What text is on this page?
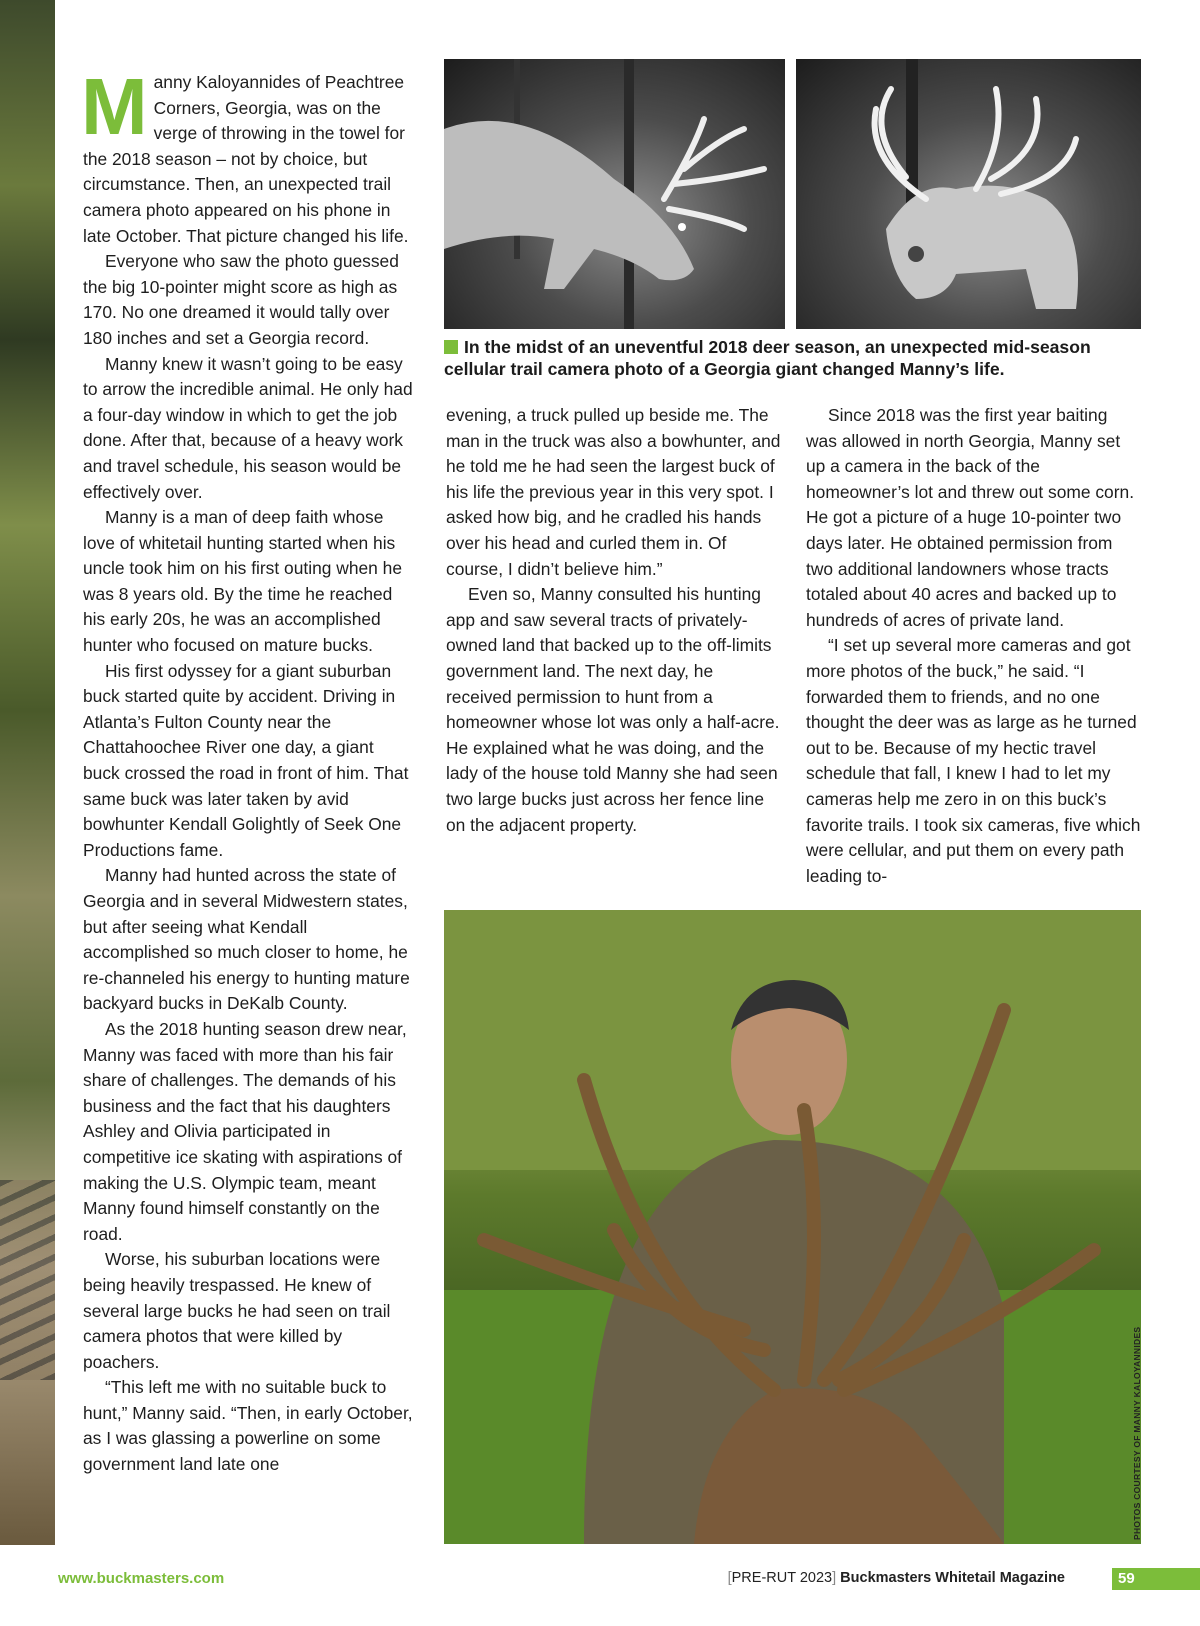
Manny Kaloyannides of Peachtree Corners, Georgia, was on the verge of throwing in the towel for the 2018 season – not by choice, but circumstance. Then, an unexpected trail camera photo appeared on his phone in late October. That picture changed his life.

Everyone who saw the photo guessed the big 10-pointer might score as high as 170. No one dreamed it would tally over 180 inches and set a Georgia record.

Manny knew it wasn’t going to be easy to arrow the incredible animal. He only had a four-day window in which to get the job done. After that, because of a heavy work and travel schedule, his season would be effectively over.

Manny is a man of deep faith whose love of whitetail hunting started when his uncle took him on his first outing when he was 8 years old. By the time he reached his early 20s, he was an accomplished hunter who focused on mature bucks.

His first odyssey for a giant suburban buck started quite by accident. Driving in Atlanta’s Fulton County near the Chattahoochee River one day, a giant buck crossed the road in front of him. That same buck was later taken by avid bowhunter Kendall Golightly of Seek One Productions fame.

Manny had hunted across the state of Georgia and in several Midwestern states, but after seeing what Kendall accomplished so much closer to home, he re-channeled his energy to hunting mature backyard bucks in DeKalb County.

As the 2018 hunting season drew near, Manny was faced with more than his fair share of challenges. The demands of his business and the fact that his daughters Ashley and Olivia participated in competitive ice skating with aspirations of making the U.S. Olympic team, meant Manny found himself constantly on the road.

Worse, his suburban locations were being heavily trespassed. He knew of several large bucks he had seen on trail camera photos that were killed by poachers.

“This left me with no suitable buck to hunt,” Manny said. “Then, in early October, as I was glassing a powerline on some government land late one

In the midst of an uneventful 2018 deer season, an unexpected mid-season cellular trail camera photo of a Georgia giant changed Manny’s life.

evening, a truck pulled up beside me. The man in the truck was also a bowhunter, and he told me he had seen the largest buck of his life the previous year in this very spot. I asked how big, and he cradled his hands over his head and curled them in. Of course, I didn’t believe him.”

Even so, Manny consulted his hunting app and saw several tracts of privately-owned land that backed up to the off-limits government land. The next day, he received permission to hunt from a homeowner whose lot was only a half-acre. He explained what he was doing, and the lady of the house told Manny she had seen two large bucks just across her fence line on the adjacent property.

Since 2018 was the first year baiting was allowed in north Georgia, Manny set up a camera in the back of the homeowner’s lot and threw out some corn. He got a picture of a huge 10-pointer two days later. He obtained permission from two additional landowners whose tracts totaled about 40 acres and backed up to hundreds of acres of private land.

“I set up several more cameras and got more photos of the buck,” he said. “I forwarded them to friends, and no one thought the deer was as large as he turned out to be. Because of my hectic travel schedule that fall, I knew I had to let my cameras help me zero in on this buck’s favorite trails. I took six cameras, five which were cellular, and put them on every path leading to-

PHOTOS COURTESY OF MANNY KALOYANNIDES
www.buckmasters.com	[PRE-RUT 2023] Buckmasters Whitetail Magazine	59
